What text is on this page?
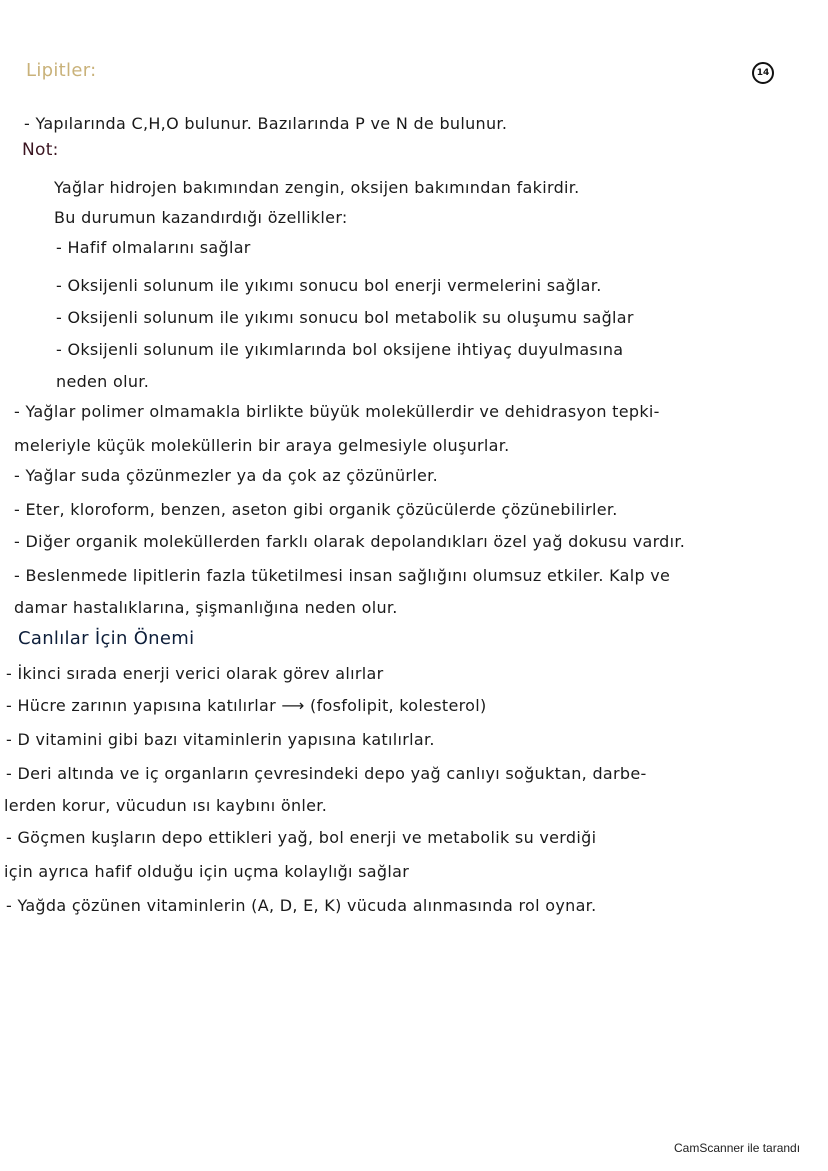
Lipitler:	14
- Yapılarında C,H,O bulunur. Bazılarında P ve N de bulunur.
Not:
Yağlar hidrojen bakımından zengin, oksijen bakımından fakirdir.
Bu durumun kazandırdığı özellikler:
- Hafif olmalarını sağlar
- Oksijenli solunum ile yıkımı sonucu bol enerji vermelerini sağlar.
- Oksijenli solunum ile yıkımı sonucu bol metabolik su oluşumu sağlar
- Oksijenli solunum ile yıkımlarında bol oksijene ihtiyaç duyulmasına
neden olur.
- Yağlar polimer olmamakla birlikte büyük moleküllerdir ve dehidrasyon tepki-
meleriyle küçük moleküllerin bir araya gelmesiyle oluşurlar.
- Yağlar suda çözünmezler ya da çok az çözünürler.
- Eter, kloroform, benzen, aseton gibi organik çözücülerde çözünebilirler.
- Diğer organik moleküllerden farklı olarak depolandıkları özel yağ dokusu vardır.
- Beslenmede lipitlerin fazla tüketilmesi insan sağlığını olumsuz etkiler. Kalp ve
damar hastalıklarına, şişmanlığına neden olur.
Canlılar İçin Önemi
- İkinci sırada enerji verici olarak görev alırlar
- Hücre zarının yapısına katılırlar ⟶ (fosfolipit, kolesterol)
- D vitamini gibi bazı vitaminlerin yapısına katılırlar.
- Deri altında ve iç organların çevresindeki depo yağ canlıyı soğuktan, darbe-
lerden korur, vücudun ısı kaybını önler.
- Göçmen kuşların depo ettikleri yağ, bol enerji ve metabolik su verdiği
için ayrıca hafif olduğu için uçma kolaylığı sağlar
- Yağda çözünen vitaminlerin (A, D, E, K) vücuda alınmasında rol oynar.
CamScanner ile tarandı
